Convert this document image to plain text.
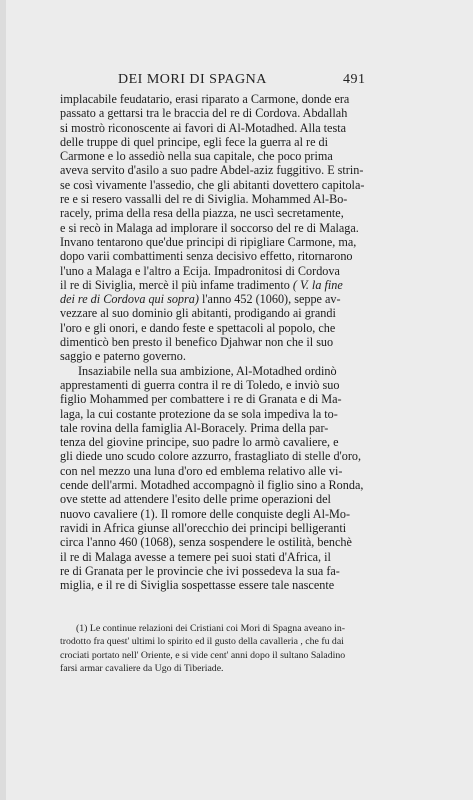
DEI MORI DI SPAGNA	491
implacabile feudatario, erasi riparato a Carmone, donde era
passato a gettarsi tra le braccia del re di Cordova. Abdallah
si mostrò riconoscente ai favori di Al-Motadhed. Alla testa
delle truppe di quel principe, egli fece la guerra al re di
Carmone e lo assediò nella sua capitale, che poco prima
aveva servito d'asilo a suo padre Abdel-aziz fuggitivo. E strin-
se così vivamente l'assedio, che gli abitanti dovettero capitola-
re e si resero vassalli del re di Siviglia. Mohammed Al-Bo-
racely, prima della resa della piazza, ne uscì secretamente,
e si recò in Malaga ad implorare il soccorso del re di Malaga.
Invano tentarono que'due principi di ripigliare Carmone, ma,
dopo varii combattimenti senza decisivo effetto, ritornarono
l'uno a Malaga e l'altro a Ecija. Impadronitosi di Cordova
il re di Siviglia, mercè il più infame tradimento ( V. la fine
dei re di Cordova qui sopra) l'anno 452 (1060), seppe av-
vezzare al suo dominio gli abitanti, prodigando ai grandi
l'oro e gli onori, e dando feste e spettacoli al popolo, che
dimenticò ben presto il benefico Djahwar non che il suo
saggio e paterno governo.
Insaziabile nella sua ambizione, Al-Motadhed ordinò
apprestamenti di guerra contra il re di Toledo, e inviò suo
figlio Mohammed per combattere i re di Granata e di Ma-
laga, la cui costante protezione da se sola impediva la to-
tale rovina della famiglia Al-Boracely. Prima della par-
tenza del giovine principe, suo padre lo armò cavaliere, e
gli diede uno scudo colore azzurro, frastagliato di stelle d'oro,
con nel mezzo una luna d'oro ed emblema relativo alle vi-
cende dell'armi. Motadhed accompagnò il figlio sino a Ronda,
ove stette ad attendere l'esito delle prime operazioni del
nuovo cavaliere (1). Il romore delle conquiste degli Al-Mo-
ravidi in Africa giunse all'orecchio dei principi belligeranti
circa l'anno 460 (1068), senza sospendere le ostilità, benchè
il re di Malaga avesse a temere pei suoi stati d'Africa, il
re di Granata per le provincie che ivi possedeva la sua fa-
miglia, e il re di Siviglia sospettasse essere tale nascente
(1) Le continue relazioni dei Cristiani coi Mori di Spagna aveano in-
trodotto fra quest' ultimi lo spirito ed il gusto della cavalleria , che fu dai
crociati portato nell' Oriente, e si vide cent' anni dopo il sultano Saladino
farsi armar cavaliere da Ugo di Tiberiade.
